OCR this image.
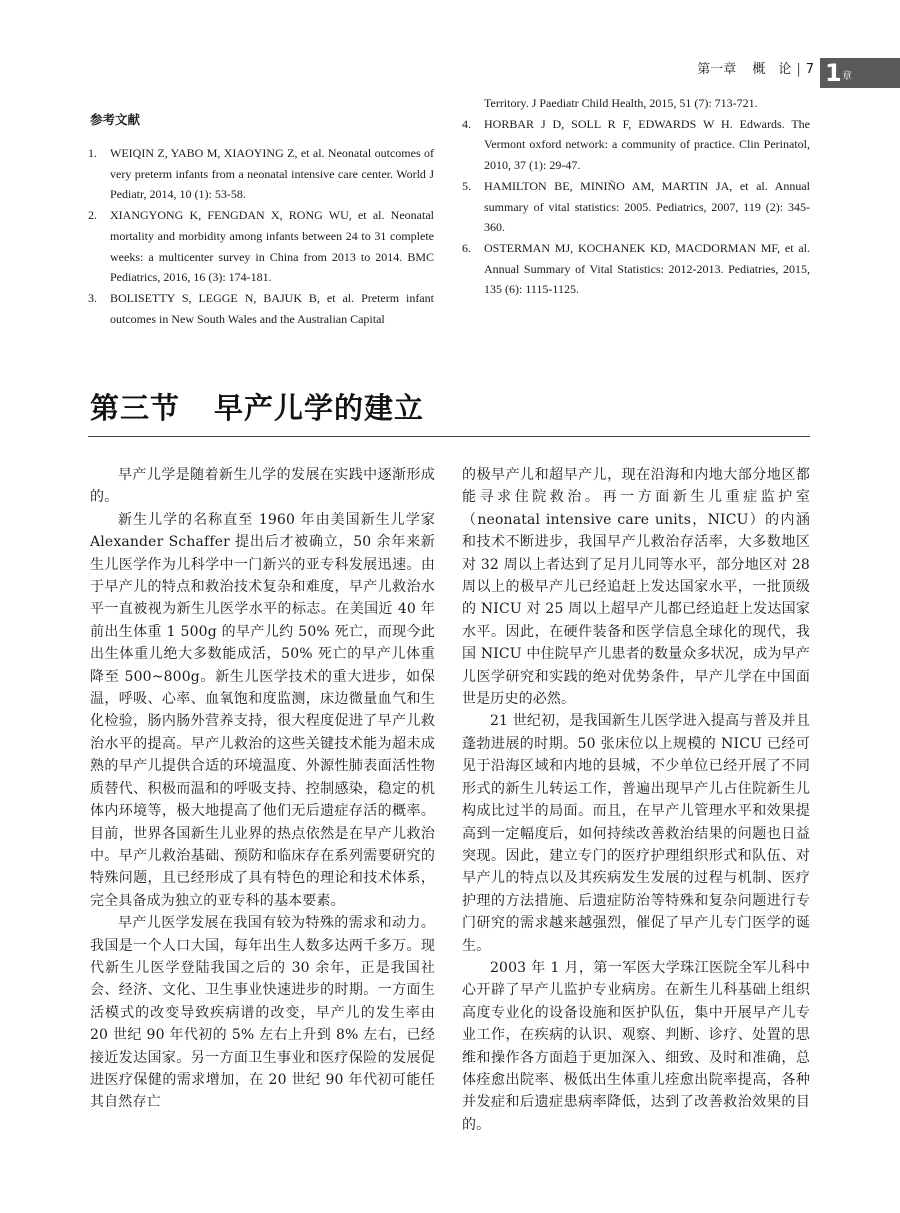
第一章 概　论 | 7 1 章
参考文献
1. WEIQIN Z, YABO M, XIAOYING Z, et al. Neonatal outcomes of very preterm infants from a neonatal intensive care center. World J Pediatr, 2014, 10 (1): 53-58.
2. XIANGYONG K, FENGDAN X, RONG WU, et al. Neonatal mortality and morbidity among infants between 24 to 31 complete weeks: a multicenter survey in China from 2013 to 2014. BMC Pediatrics, 2016, 16 (3): 174-181.
3. BOLISETTY S, LEGGE N, BAJUK B, et al. Preterm infant outcomes in New South Wales and the Australian Capital
Territory. J Paediatr Child Health, 2015, 51 (7): 713-721.
4. HORBAR J D, SOLL R F, EDWARDS W H. Edwards. The Vermont oxford network: a community of practice. Clin Perinatol, 2010, 37 (1): 29-47.
5. HAMILTON BE, MINIÑO AM, MARTIN JA, et al. Annual summary of vital statistics: 2005. Pediatrics, 2007, 119 (2): 345-360.
6. OSTERMAN MJ, KOCHANEK KD, MACDORMAN MF, et al. Annual Summary of Vital Statistics: 2012-2013. Pediatries, 2015, 135 (6): 1115-1125.
第三节 早产儿学的建立

早产儿学是随着新生儿学的发展在实践中逐渐形成的。

新生儿学的名称直至 1960 年由美国新生儿学家 Alexander Schaffer 提出后才被确立，50 余年来新生儿医学作为儿科学中一门新兴的亚专科发展迅速。由于早产儿的特点和救治技术复杂和难度，早产儿救治水平一直被视为新生儿医学水平的标志。在美国近 40 年前出生体重 1 500g 的早产儿约 50% 死亡，而现今此出生体重儿绝大多数能成活，50% 死亡的早产儿体重降至 500~800g。新生儿医学技术的重大进步，如保温，呼吸、心率、血氧饱和度监测，床边微量血气和生化检验，肠内肠外营养支持，很大程度促进了早产儿救治水平的提高。早产儿救治的这些关键技术能为超未成熟的早产儿提供合适的环境温度、外源性肺表面活性物质替代、积极而温和的呼吸支持、控制感染，稳定的机体内环境等，极大地提高了他们无后遗症存活的概率。目前，世界各国新生儿业界的热点依然是在早产儿救治中。早产儿救治基础、预防和临床存在系列需要研究的特殊问题，且已经形成了具有特色的理论和技术体系，完全具备成为独立的亚专科的基本要素。

早产儿医学发展在我国有较为特殊的需求和动力。我国是一个人口大国，每年出生人数多达两千多万。现代新生儿医学登陆我国之后的 30 余年，正是我国社会、经济、文化、卫生事业快速进步的时期。一方面生活模式的改变导致疾病谱的改变，早产儿的发生率由 20 世纪 90 年代初的 5% 左右上升到 8% 左右，已经接近发达国家。另一方面卫生事业和医疗保险的发展促进医疗保健的需求增加，在 20 世纪 90 年代初可能任其自然存亡

的极早产儿和超早产儿，现在沿海和内地大部分地区都能寻求住院救治。再一方面新生儿重症监护室（neonatal intensive care units，NICU）的内涵和技术不断进步，我国早产儿救治存活率，大多数地区对 32 周以上者达到了足月儿同等水平，部分地区对 28 周以上的极早产儿已经追赶上发达国家水平，一批顶级的 NICU 对 25 周以上超早产儿都已经追赶上发达国家水平。因此，在硬件装备和医学信息全球化的现代，我国 NICU 中住院早产儿患者的数量众多状况，成为早产儿医学研究和实践的绝对优势条件，早产儿学在中国面世是历史的必然。

21 世纪初，是我国新生儿医学进入提高与普及并且蓬勃进展的时期。50 张床位以上规模的 NICU 已经可见于沿海区域和内地的县城，不少单位已经开展了不同形式的新生儿转运工作，普遍出现早产儿占住院新生儿构成比过半的局面。而且，在早产儿管理水平和效果提高到一定幅度后，如何持续改善救治结果的问题也日益突现。因此，建立专门的医疗护理组织形式和队伍、对早产儿的特点以及其疾病发生发展的过程与机制、医疗护理的方法措施、后遗症防治等特殊和复杂问题进行专门研究的需求越来越强烈，催促了早产儿专门医学的诞生。

2003 年 1 月，第一军医大学珠江医院全军儿科中心开辟了早产儿监护专业病房。在新生儿科基础上组织高度专业化的设备设施和医护队伍，集中开展早产儿专业工作，在疾病的认识、观察、判断、诊疗、处置的思维和操作各方面趋于更加深入、细致、及时和准确，总体痊愈出院率、极低出生体重儿痊愈出院率提高，各种并发症和后遗症患病率降低，达到了改善救治效果的目的。
